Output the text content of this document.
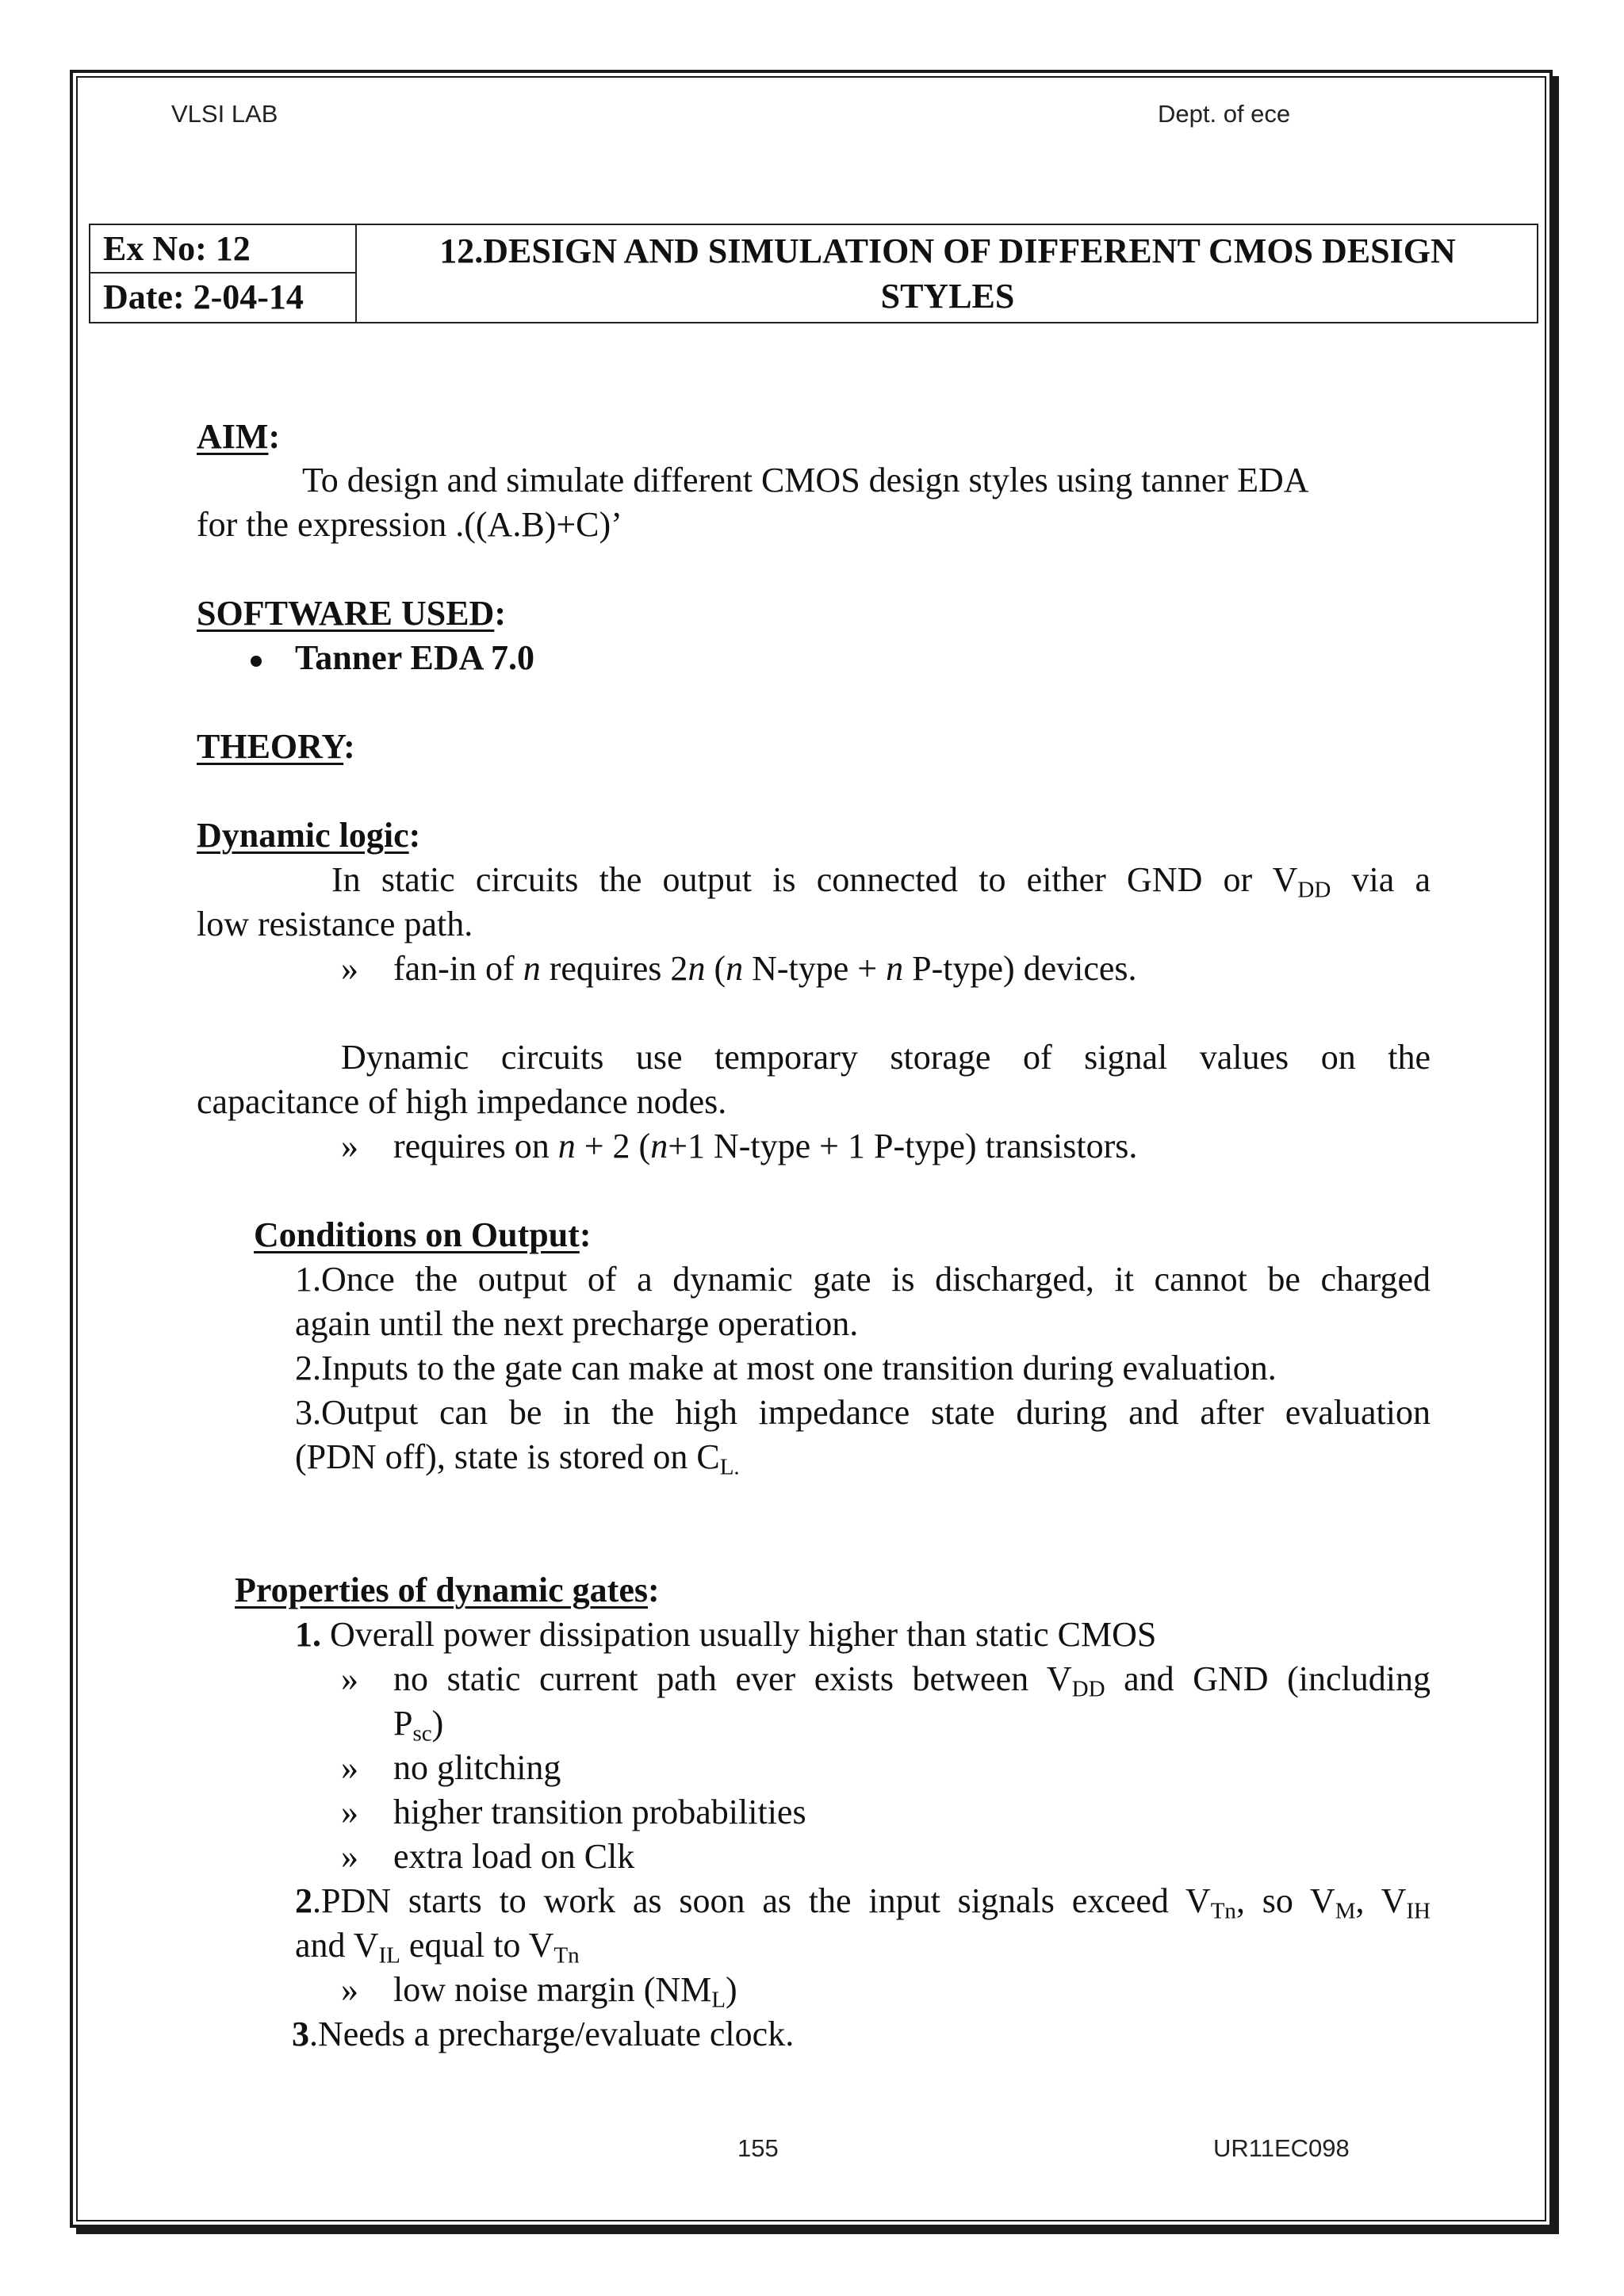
VLSI LAB	Dept. of ece
Ex No: 12
Date: 2-04-14
12.DESIGN AND SIMULATION OF DIFFERENT CMOS DESIGN
STYLES
AIM:
To design and simulate different CMOS design styles using tanner EDA
for the expression .((A.B)+C)’
SOFTWARE USED:
Tanner EDA 7.0
THEORY:
Dynamic logic:
In static circuits the output is connected to either GND or $V_{DD}$ via a
low resistance path.
» fan-in of n requires 2n (n N-type + n P-type) devices.
Dynamic circuits use temporary storage of signal values on the
capacitance of high impedance nodes.
» requires on n + 2 (n+1 N-type + 1 P-type) transistors.
Conditions on Output:
1.Once the output of a dynamic gate is discharged, it cannot be charged
again until the next precharge operation.
2.Inputs to the gate can make at most one transition during evaluation.
3.Output can be in the high impedance state during and after evaluation
(PDN off), state is stored on $C_{L.}$
Properties of dynamic gates:
1. Overall power dissipation usually higher than static CMOS
» no static current path ever exists between $V_{DD}$ and GND (including
$P_{sc}$)
» no glitching
» higher transition probabilities
» extra load on Clk
2.PDN starts to work as soon as the input signals exceed $V_{Tn}$, so $V_M$, $V_{IH}$
and $V_{IL}$ equal to $V_{Tn}$
» low noise margin $(NM_L)$
3.Needs a precharge/evaluate clock.
155	UR11EC098
